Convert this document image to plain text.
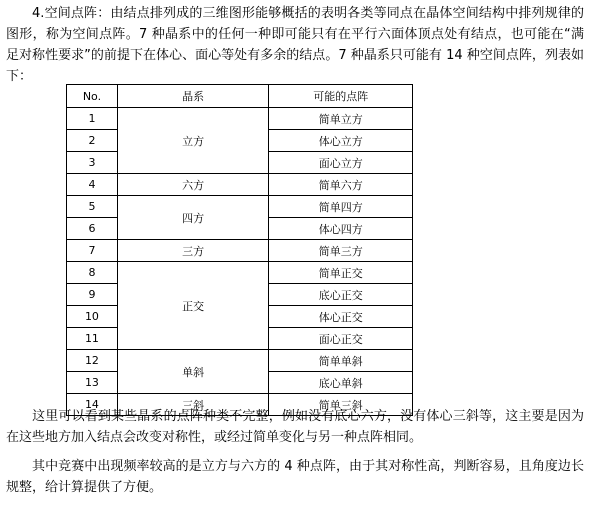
4.空间点阵：由结点排列成的三维图形能够概括的表明各类等同点在晶体空间结构中排列规律的图形，称为空间点阵。7 种晶系中的任何一种即可能只有在平行六面体顶点处有结点，也可能在“满足对称性要求”的前提下在体心、面心等处有多余的结点。7 种晶系只可能有 14 种空间点阵，列表如下：

No.	晶系	可能的点阵
1	立方	简单立方
2		体心立方
3		面心立方
4	六方	简单六方
5	四方	简单四方
6		体心四方
7	三方	简单三方
8	正交	简单正交
9		底心正交
10		体心正交
11		面心正交
12	单斜	简单单斜
13		底心单斜
14	三斜	简单三斜

这里可以看到某些晶系的点阵种类不完整，例如没有底心六方，没有体心三斜等，这主要是因为在这些地方加入结点会改变对称性，或经过简单变化与另一种点阵相同。

其中竞赛中出现频率较高的是立方与六方的 4 种点阵，由于其对称性高，判断容易，且角度边长规整，给计算提供了方便。
